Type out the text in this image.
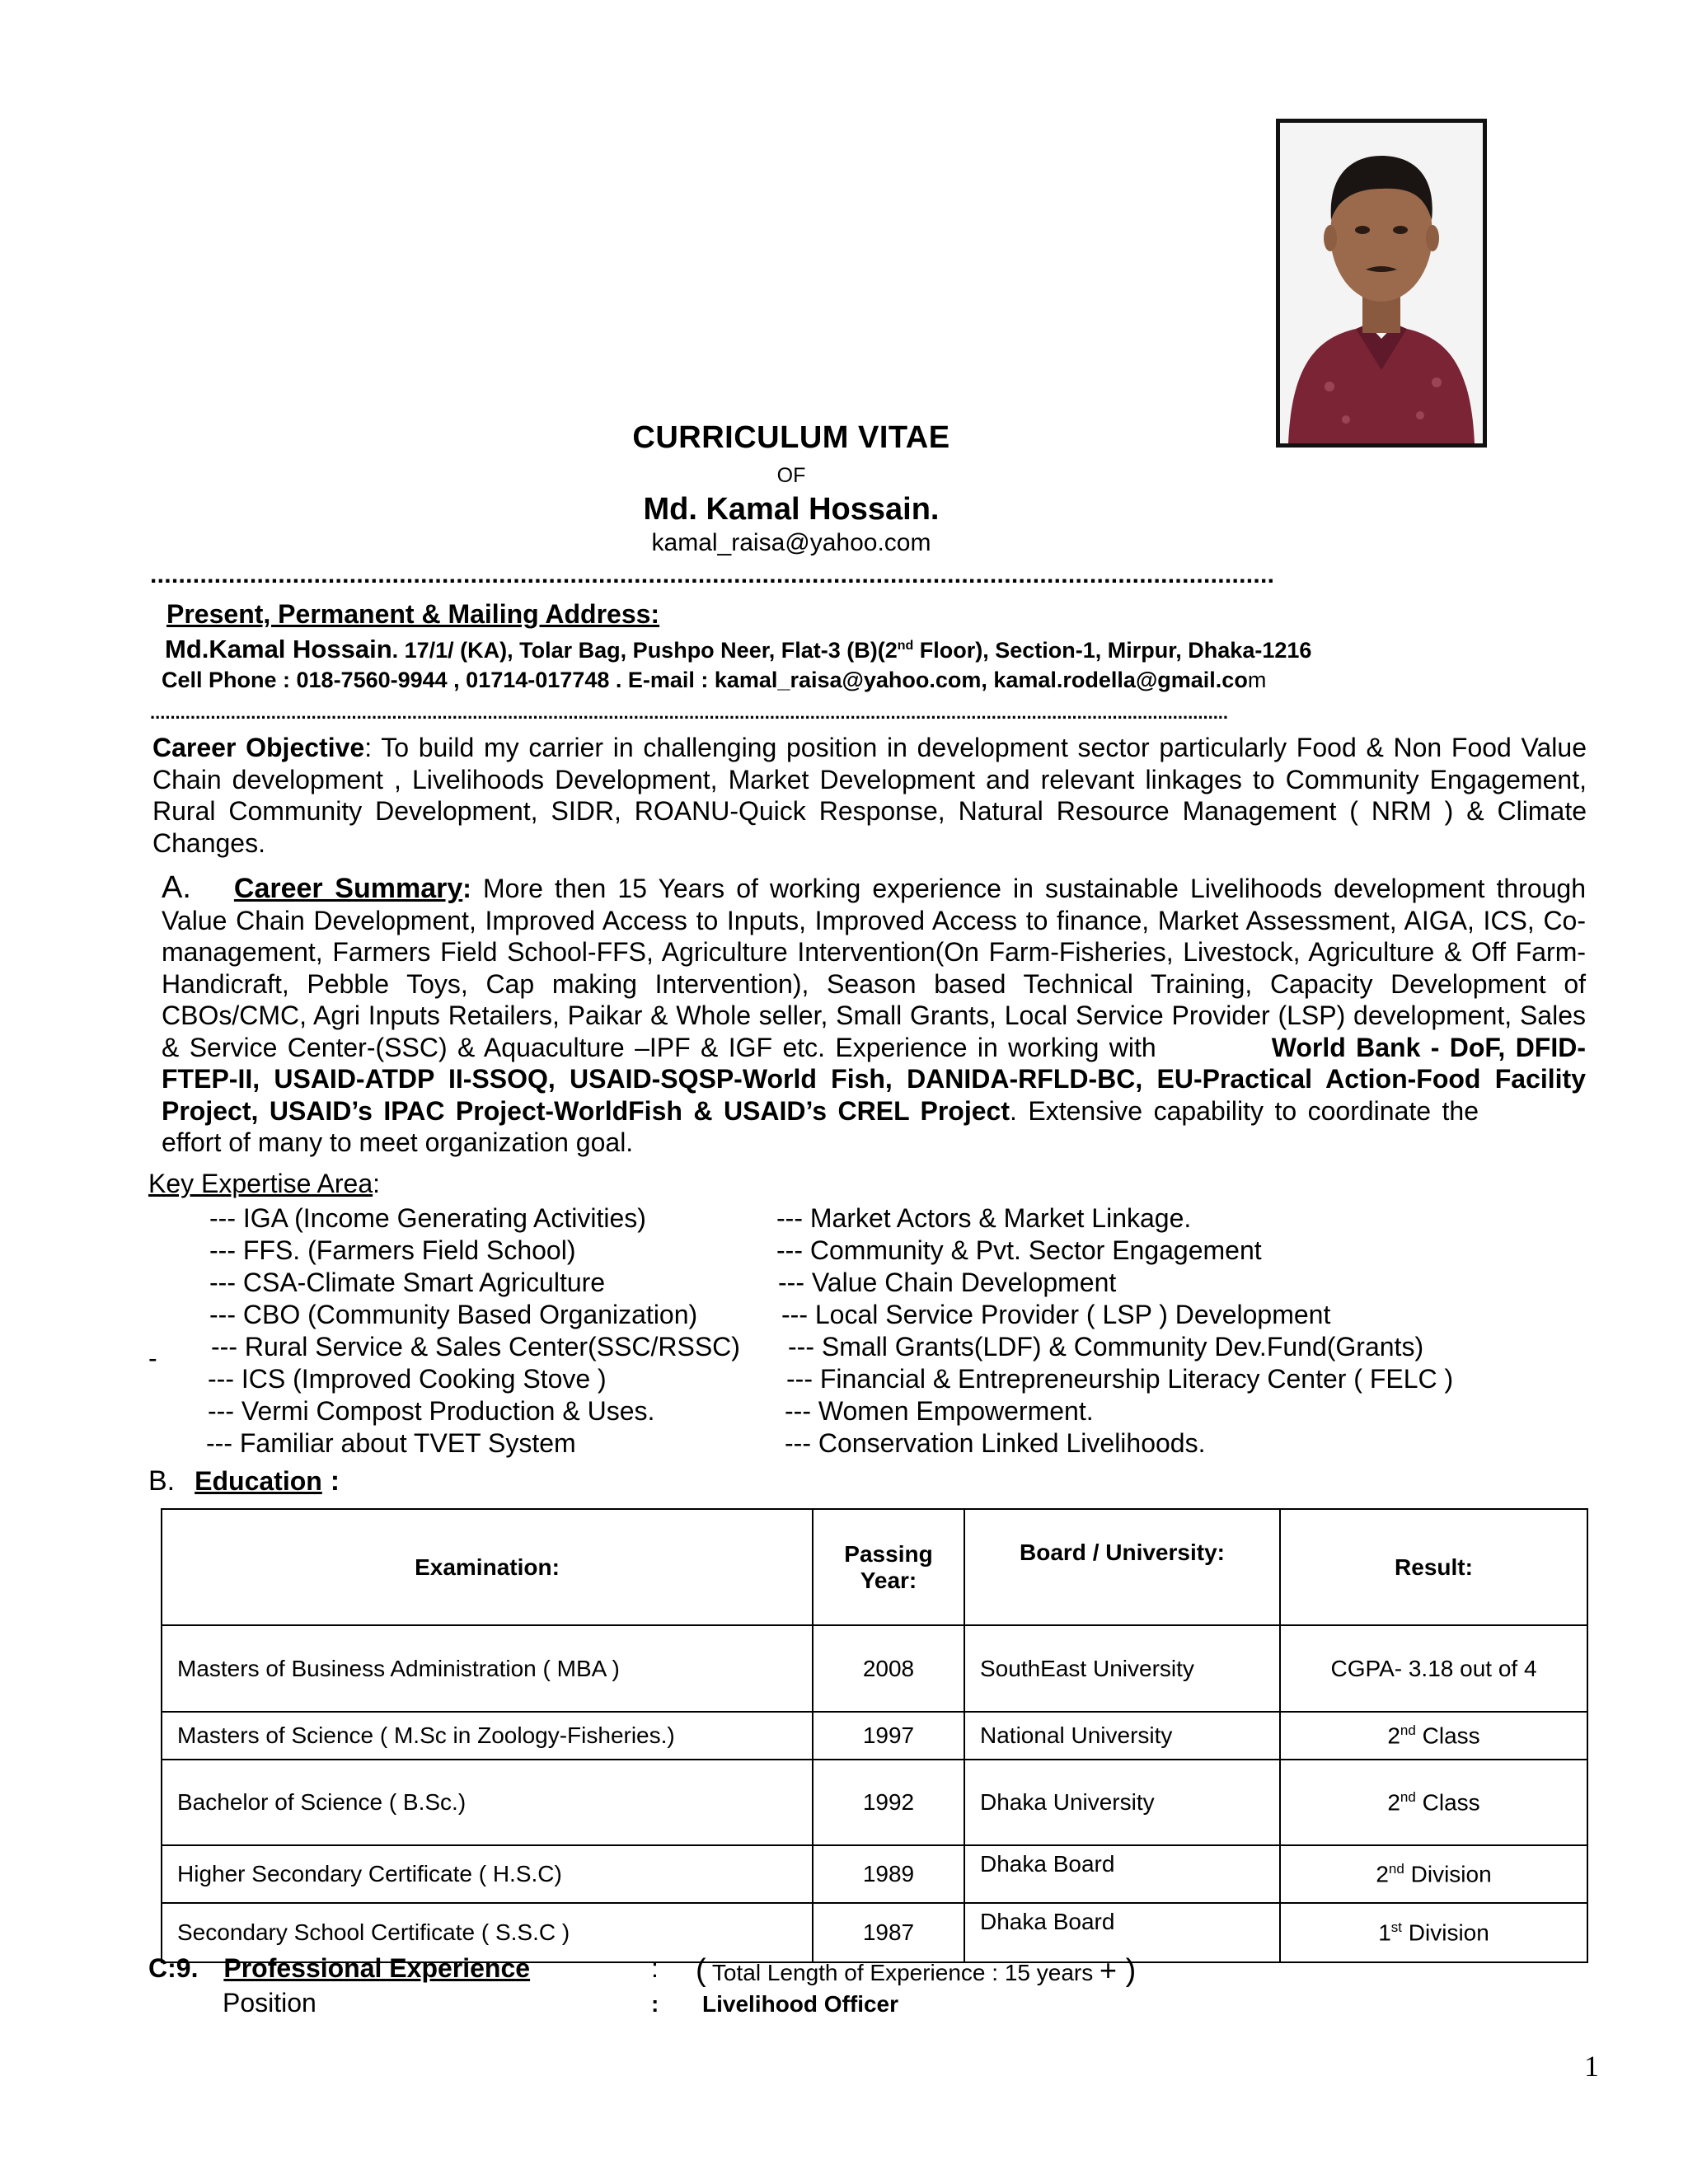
CURRICULUM VITAE
OF
Md. Kamal Hossain.
kamal_raisa@yahoo.com
..............................................................................................................................................................
Present, Permanent & Mailing Address:
Md.Kamal Hossain. 17/1/ (KA), Tolar Bag, Pushpo Neer, Flat-3 (B)(2nd Floor), Section-1, Mirpur, Dhaka-1216
Cell Phone : 018-7560-9944 , 01714-017748 . E-mail : kamal_raisa@yahoo.com, kamal.rodella@gmail.com
......................................................................................................................................................................................................................
Career Objective: To build my carrier in challenging position in development sector particularly Food & Non Food Value Chain development , Livelihoods Development, Market Development and relevant linkages to Community Engagement, Rural Community Development, SIDR, ROANU-Quick Response, Natural Resource Management ( NRM ) & Climate Changes.
A. Career Summary: More then 15 Years of working experience in sustainable Livelihoods development through Value Chain Development, Improved Access to Inputs, Improved Access to finance, Market Assessment, AIGA, ICS, Co-management, Farmers Field School-FFS, Agriculture Intervention(On Farm-Fisheries, Livestock, Agriculture & Off Farm-Handicraft, Pebble Toys, Cap making Intervention), Season based Technical Training, Capacity Development of CBOs/CMC, Agri Inputs Retailers, Paikar & Whole seller, Small Grants, Local Service Provider (LSP) development, Sales & Service Center-(SSC) & Aquaculture –IPF & IGF etc. Experience in working with	World Bank - DoF, DFID-FTEP-II, USAID-ATDP II-SSOQ, USAID-SQSP-World Fish, DANIDA-RFLD-BC, EU-Practical Action-Food Facility Project, USAID’s IPAC Project-WorldFish & USAID’s CREL Project. Extensive capability to coordinate theeffort of many to meet organization goal.
Key Expertise Area:
-
--- IGA (Income Generating Activities)
--- FFS. (Farmers Field School)
--- CSA-Climate Smart Agriculture
--- CBO (Community Based Organization)
--- Rural Service & Sales Center(SSC/RSSC)
--- ICS (Improved Cooking Stove )
--- Vermi Compost Production & Uses.
--- Familiar about TVET System
--- Market Actors & Market Linkage.
--- Community & Pvt. Sector Engagement
--- Value Chain Development
--- Local Service Provider ( LSP ) Development
--- Small Grants(LDF) & Community Dev.Fund(Grants)
--- Financial & Entrepreneurship Literacy Center ( FELC )
--- Women Empowerment.
--- Conservation Linked Livelihoods.
B. Education :
Examination:	Passing Year:	Board / University:	Result:
Masters of Business Administration ( MBA )	2008	SouthEast University	CGPA- 3.18 out of 4
Masters of Science ( M.Sc in Zoology-Fisheries.)	1997	National University	2nd Class
Bachelor of Science ( B.Sc.)	1992	Dhaka University	2nd Class
Higher Secondary Certificate ( H.S.C)	1989	Dhaka Board	2nd Division
Secondary School Certificate ( S.S.C )	1987	Dhaka Board	1st Division
C:9. Professional Experience	: ( Total Length of Experience : 15 years + )
Position	: Livelihood Officer
1
